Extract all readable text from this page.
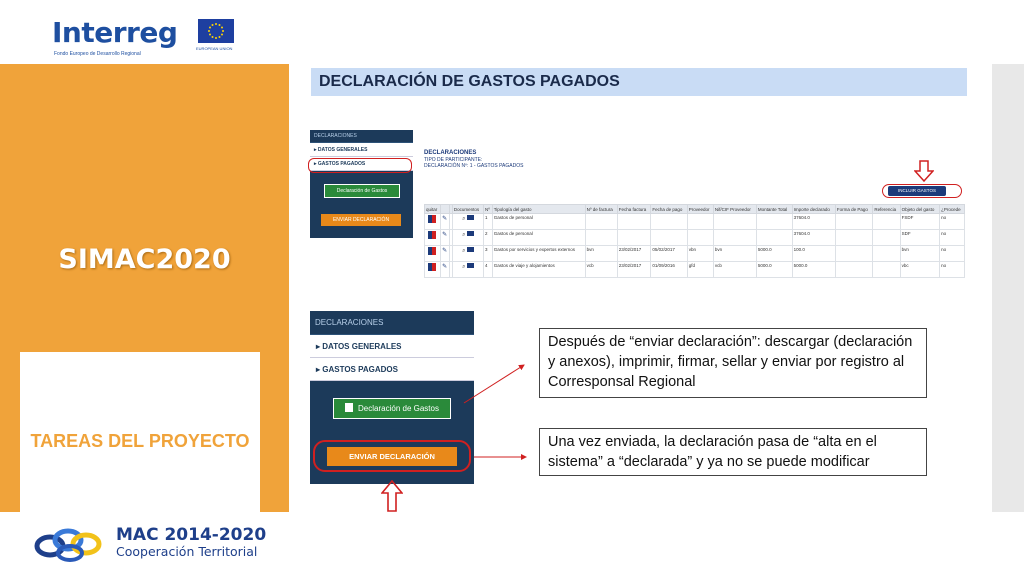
Interreg
Fondo Europeo de Desarrollo Regional
EUROPEAN UNION
SIMAC2020
TAREAS DEL PROYECTO
DECLARACIÓN DE GASTOS PAGADOS
DECLARACIONES
▸ DATOS GENERALES
▸ GASTOS PAGADOS
Declaración de Gastos
ENVIAR DECLARACIÓN
DECLARACIONES
TIPO DE PARTICIPANTE:
DECLARACIÓN Nº: 1 - GASTOS PAGADOS
INCLUIR GASTOS
quitar			Documentos	Nº	Tipología del gasto	Nº de factura	Fecha factura	Fecha de pago	Proveedor	Nif/CIF Proveedor	Montante Total	Importe declarado	Forma de Pago	Referencia	Objeto del gasto	¿Procede
	✎		⌕	1	Gastos de personal							37604.0			FSDF	no
	✎		⌕	2	Gastos de personal							37604.0			SDF	no
	✎		⌕	3	Gastos por servicios y expertos externos	bvn	23/02/2017	05/02/2017	vbn	bvn	5000.0	100.0			bvn	no
	✎		⌕	4	Gastos de viaje y alojamientos	vcb	23/02/2017	01/09/2016	gfd	vcb	5000.0	5000.0			vbc	no
DECLARACIONES
▸ DATOS GENERALES
▸ GASTOS PAGADOS
Declaración de Gastos
ENVIAR DECLARACIÓN
Después de “enviar declaración”: descargar (declaración y anexos), imprimir, firmar, sellar y enviar por registro al Corresponsal Regional
Una vez enviada, la declaración pasa de “alta en el sistema” a “declarada” y ya no se puede modificar
MAC 2014-2020
Cooperación Territorial
